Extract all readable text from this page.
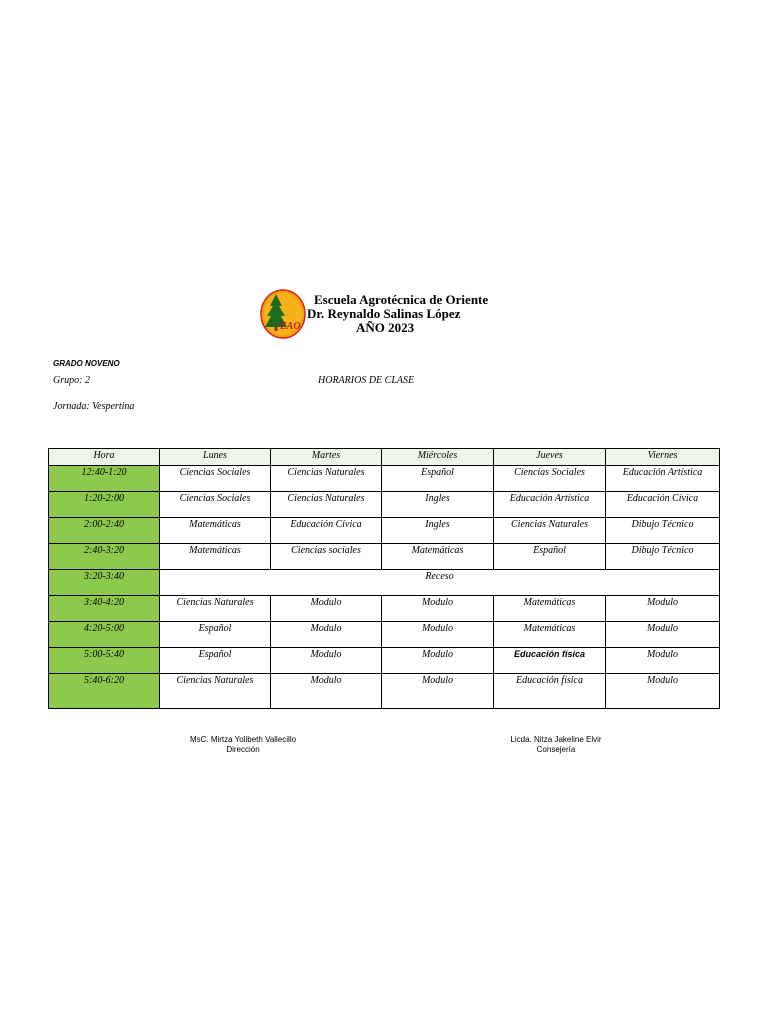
EAO
Escuela Agrotécnica de Oriente
Dr. Reynaldo Salinas López
AÑO 2023
GRADO NOVENO
Grupo: 2	HORARIOS DE CLASE
Jornada: Vespertina
Hora	Lunes	Martes	Miércoles	Jueves	Viernes
12:40-1:20	Ciencias Sociales	Ciencias Naturales	Español	Ciencias Sociales	Educación Artística
1:20-2:00	Ciencias Sociales	Ciencias Naturales	Ingles	Educación Artística	Educación Cívica
2:00-2:40	Matemáticas	Educación Cívica	Ingles	Ciencias Naturales	Dibujo Técnico
2:40-3:20	Matemáticas	Ciencias sociales	Matemáticas	Español	Dibujo Técnico
3:20-3:40	Receso				
3:40-4:20	Ciencias Naturales	Modulo	Modulo	Matemáticas	Modulo
4:20-5:00	Español	Modulo	Modulo	Matemáticas	Modulo
5:00-5:40	Español	Modulo	Modulo	Educación física	Modulo
5:40-6:20	Ciencias Naturales	Modulo	Modulo	Educación física	Modulo
MsC. Mirtza Yolibeth Vallecillo
Dirección
Licda. Nitza Jakeline Elvir
Consejería
